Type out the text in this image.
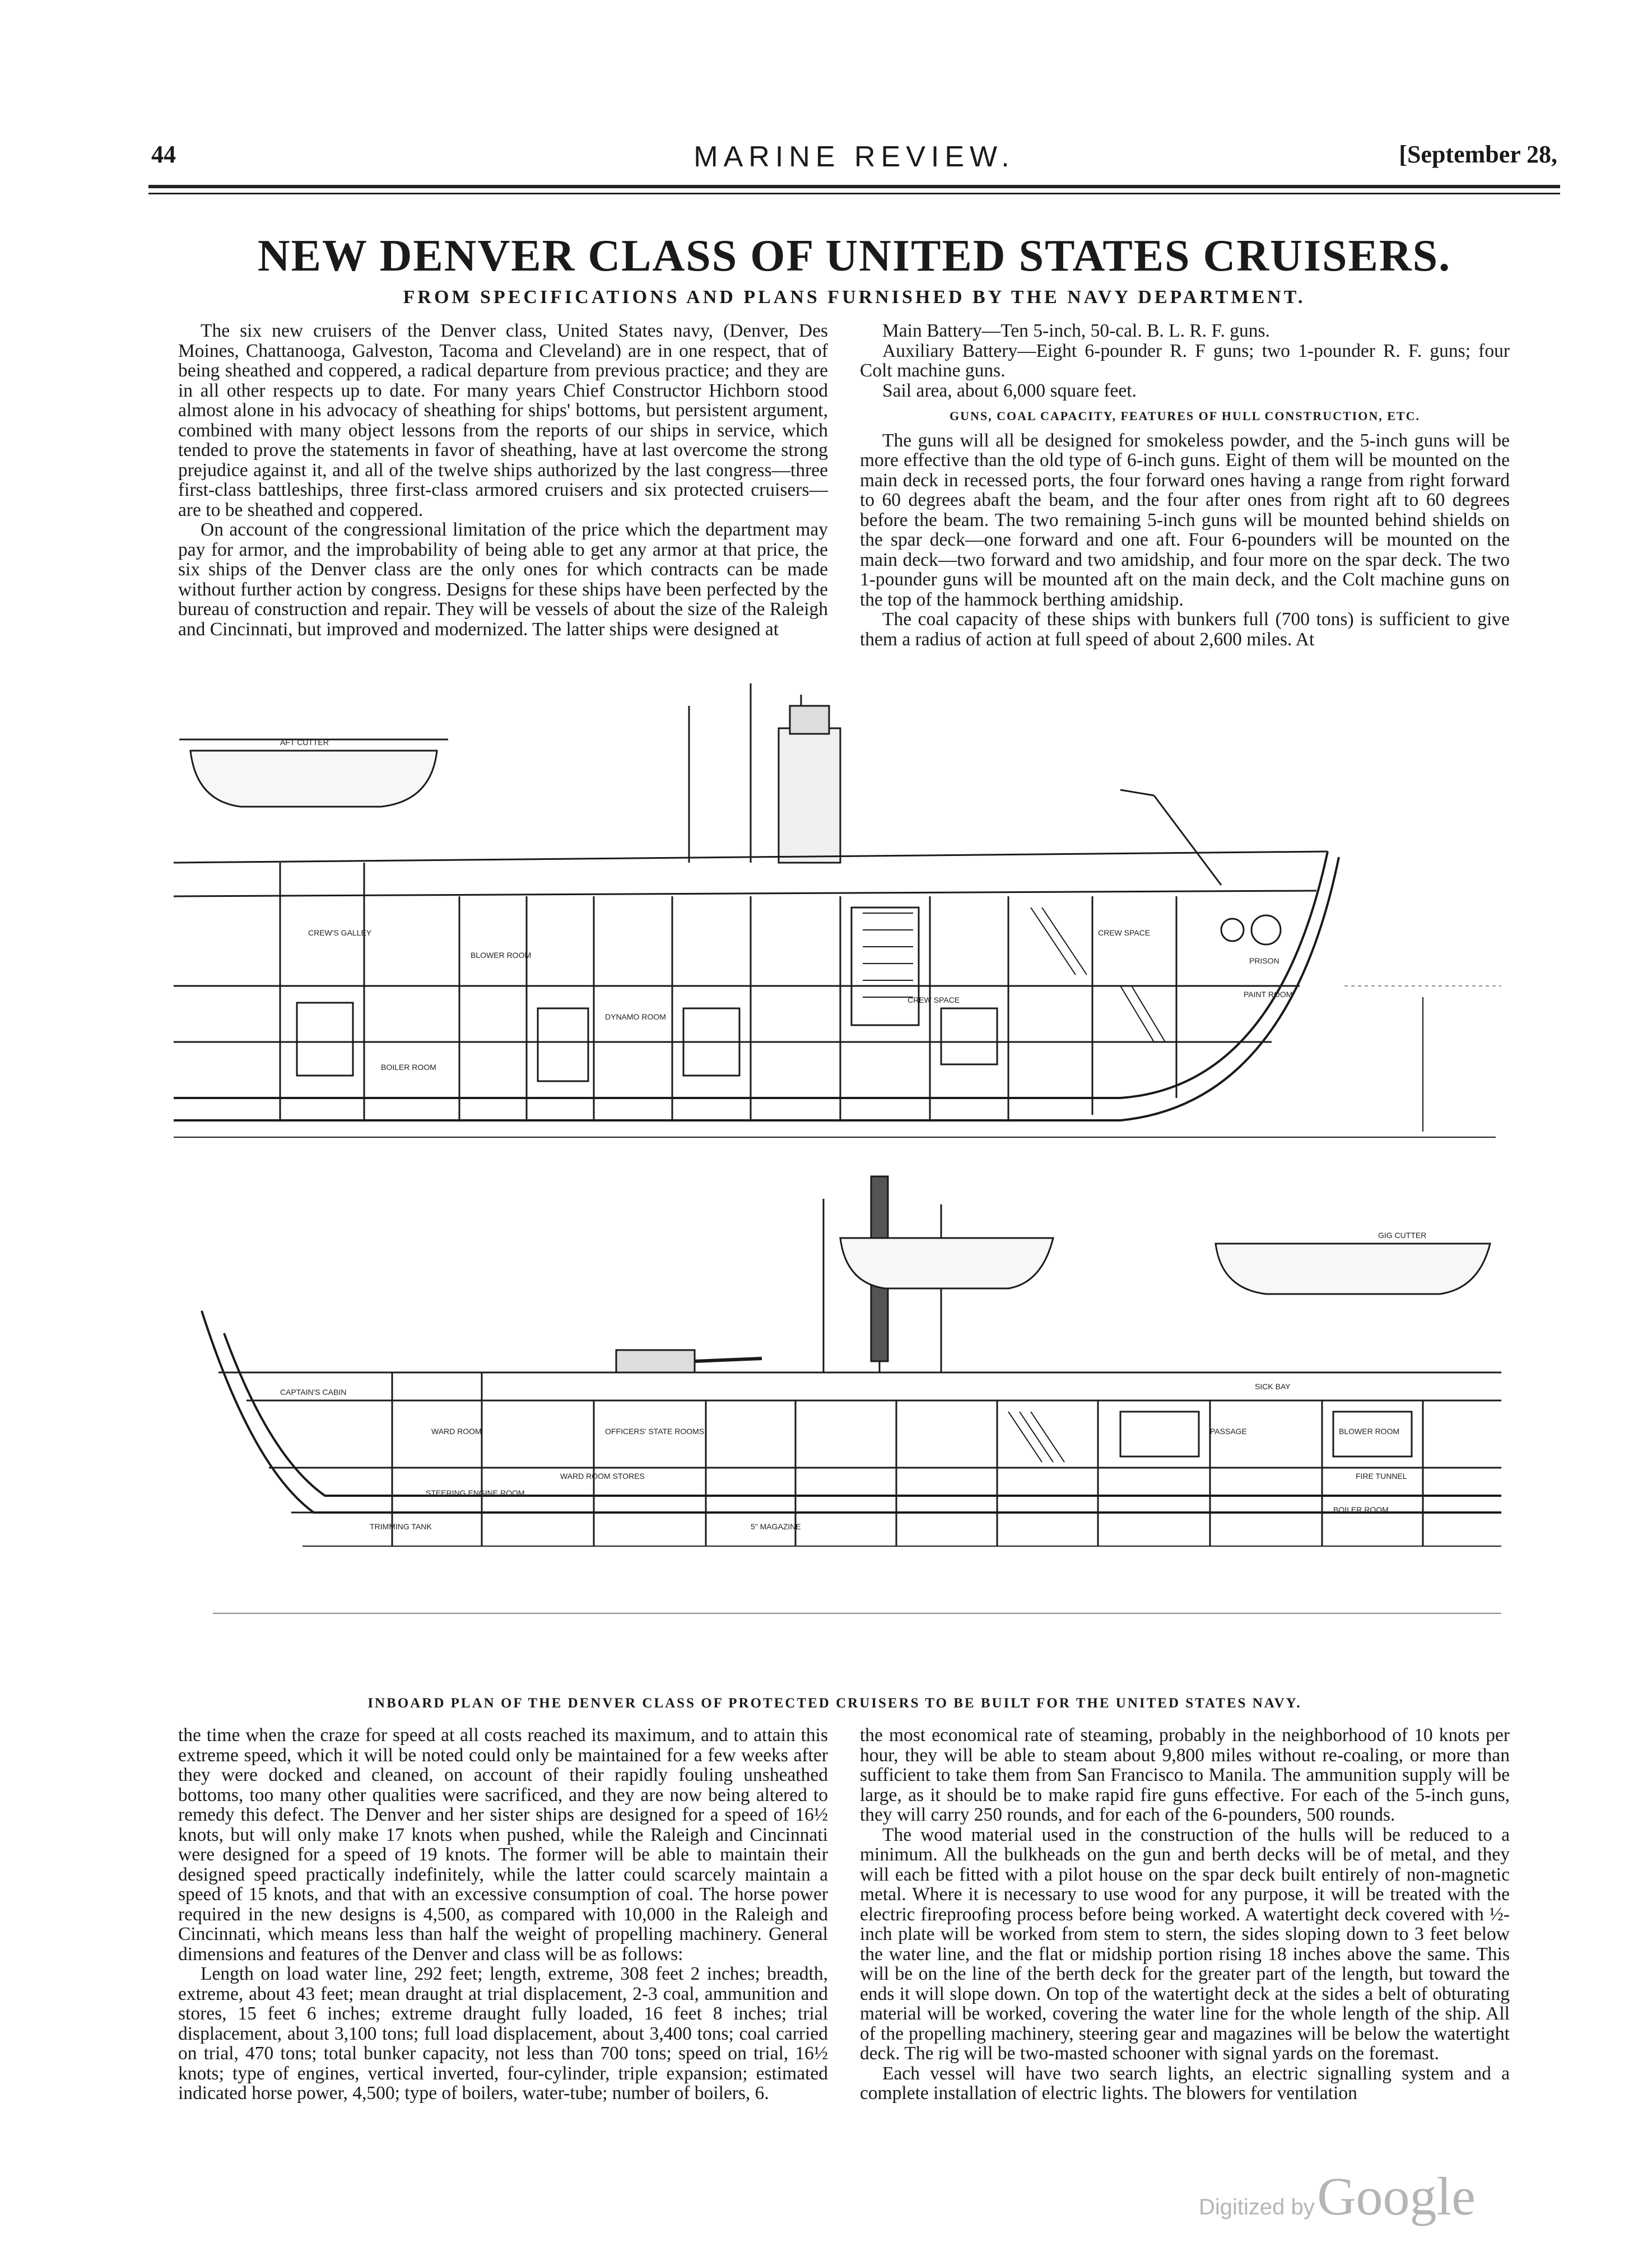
44	MARINE REVIEW.	[September 28,
NEW DENVER CLASS OF UNITED STATES CRUISERS.
FROM SPECIFICATIONS AND PLANS FURNISHED BY THE NAVY DEPARTMENT.

The six new cruisers of the Denver class, United States navy, (Denver, Des Moines, Chattanooga, Galveston, Tacoma and Cleveland) are in one respect, that of being sheathed and coppered, a radical departure from previous practice; and they are in all other respects up to date. For many years Chief Constructor Hichborn stood almost alone in his advocacy of sheathing for ships' bottoms, but persistent argument, combined with many object lessons from the reports of our ships in service, which tended to prove the statements in favor of sheathing, have at last overcome the strong prejudice against it, and all of the twelve ships authorized by the last congress—three first-class battleships, three first-class armored cruisers and six protected cruisers—are to be sheathed and coppered.

On account of the congressional limitation of the price which the department may pay for armor, and the improbability of being able to get any armor at that price, the six ships of the Denver class are the only ones for which contracts can be made without further action by congress. Designs for these ships have been perfected by the bureau of construction and repair. They will be vessels of about the size of the Raleigh and Cincinnati, but improved and modernized. The latter ships were designed at

Main Battery—Ten 5-inch, 50-cal. B. L. R. F. guns.

Auxiliary Battery—Eight 6-pounder R. F guns; two 1-pounder R. F. guns; four Colt machine guns.

Sail area, about 6,000 square feet.

GUNS, COAL CAPACITY, FEATURES OF HULL CONSTRUCTION, ETC.

The guns will all be designed for smokeless powder, and the 5-inch guns will be more effective than the old type of 6-inch guns. Eight of them will be mounted on the main deck in recessed ports, the four forward ones having a range from right forward to 60 degrees abaft the beam, and the four after ones from right aft to 60 degrees before the beam. The two remaining 5-inch guns will be mounted behind shields on the spar deck—one forward and one aft. Four 6-pounders will be mounted on the main deck—two forward and two amidship, and four more on the spar deck. The two 1-pounder guns will be mounted aft on the main deck, and the Colt machine guns on the top of the hammock berthing amidship.

The coal capacity of these ships with bunkers full (700 tons) is sufficient to give them a radius of action at full speed of about 2,600 miles. At

AFT CUTTER
CREW'S GALLEY
CREW SPACE
BLOWER ROOM
BOILER ROOM
DYNAMO ROOM
CREW SPACE
PRISON
PAINT ROOM
CAPTAIN'S CABIN
WARD ROOM	OFFICERS' STATE ROOMS
WARD ROOM STORES
STEERING ENGINE ROOM
TRIMMING TANK	5" MAGAZINE
PASSAGE	BLOWER ROOM
BOILER ROOM
FIRE TUNNEL
SICK BAY
GIG CUTTER
INBOARD PLAN OF THE DENVER CLASS OF PROTECTED CRUISERS TO BE BUILT FOR THE UNITED STATES NAVY.

the time when the craze for speed at all costs reached its maximum, and to attain this extreme speed, which it will be noted could only be maintained for a few weeks after they were docked and cleaned, on account of their rapidly fouling unsheathed bottoms, too many other qualities were sacrificed, and they are now being altered to remedy this defect. The Denver and her sister ships are designed for a speed of 16½ knots, but will only make 17 knots when pushed, while the Raleigh and Cincinnati were designed for a speed of 19 knots. The former will be able to maintain their designed speed practically indefinitely, while the latter could scarcely maintain a speed of 15 knots, and that with an excessive consumption of coal. The horse power required in the new designs is 4,500, as compared with 10,000 in the Raleigh and Cincinnati, which means less than half the weight of propelling machinery. General dimensions and features of the Denver and class will be as follows:

Length on load water line, 292 feet; length, extreme, 308 feet 2 inches; breadth, extreme, about 43 feet; mean draught at trial displacement, 2-3 coal, ammunition and stores, 15 feet 6 inches; extreme draught fully loaded, 16 feet 8 inches; trial displacement, about 3,100 tons; full load displacement, about 3,400 tons; coal carried on trial, 470 tons; total bunker capacity, not less than 700 tons; speed on trial, 16½ knots; type of engines, vertical inverted, four-cylinder, triple expansion; estimated indicated horse power, 4,500; type of boilers, water-tube; number of boilers, 6.

the most economical rate of steaming, probably in the neighborhood of 10 knots per hour, they will be able to steam about 9,800 miles without re-coaling, or more than sufficient to take them from San Francisco to Manila. The ammunition supply will be large, as it should be to make rapid fire guns effective. For each of the 5-inch guns, they will carry 250 rounds, and for each of the 6-pounders, 500 rounds.

The wood material used in the construction of the hulls will be reduced to a minimum. All the bulkheads on the gun and berth decks will be of metal, and they will each be fitted with a pilot house on the spar deck built entirely of non-magnetic metal. Where it is necessary to use wood for any purpose, it will be treated with the electric fireproofing process before being worked. A watertight deck covered with ½-inch plate will be worked from stem to stern, the sides sloping down to 3 feet below the water line, and the flat or midship portion rising 18 inches above the same. This will be on the line of the berth deck for the greater part of the length, but toward the ends it will slope down. On top of the watertight deck at the sides a belt of obturating material will be worked, covering the water line for the whole length of the ship. All of the propelling machinery, steering gear and magazines will be below the watertight deck. The rig will be two-masted schooner with signal yards on the foremast.

Each vessel will have two search lights, an electric signalling system and a complete installation of electric lights. The blowers for ventilation

Digitized by Google
